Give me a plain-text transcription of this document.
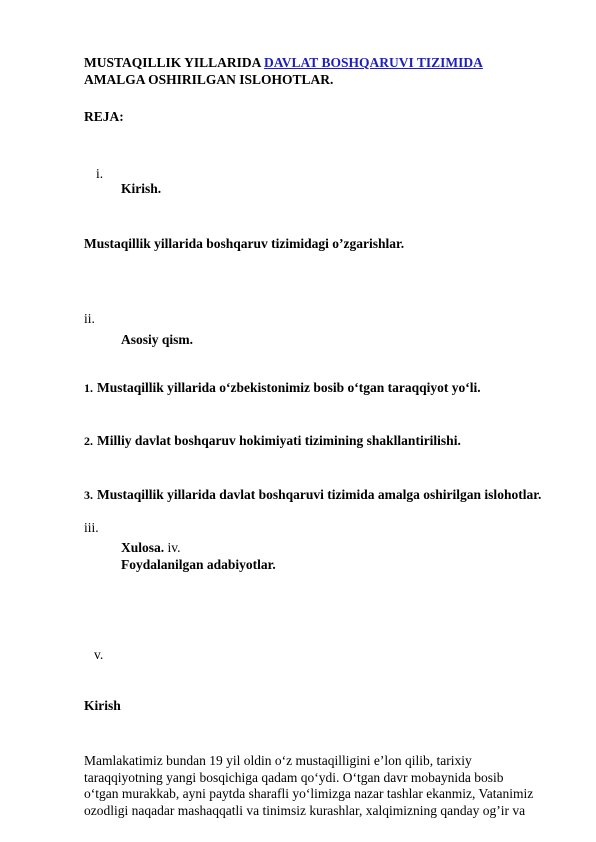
MUSTAQILLIK YILLARIDA DAVLAT BOSHQARUVI TIZIMIDA
AMALGA OSHIRILGAN ISLOHOTLAR.
REJA:
i.
Kirish.
Mustaqillik yillarida boshqaruv tizimidagi o’zgarishlar.
ii.
Asosiy qism.
1. Mustaqillik yillarida o‘zbekistonimiz bosib o‘tgan taraqqiyot yo‘li.
2. Milliy davlat boshqaruv hokimiyati tizimining shakllantirilishi.
3. Mustaqillik yillarida davlat boshqaruvi tizimida amalga oshirilgan islohotlar.
iii.
Xulosa. iv.
Foydalanilgan adabiyotlar.
v.
Kirish

Mamlakatimiz bundan 19 yil oldin o‘z mustaqilligini e’lon qilib, tarixiy

taraqqiyotning yangi bosqichiga qadam qo‘ydi. O‘tgan davr mobaynida bosib

o‘tgan murakkab, ayni paytda sharafli yo‘limizga nazar tashlar ekanmiz, Vatanimiz

ozodligi naqadar mashaqqatli va tinimsiz kurashlar, xalqimizning qanday og’ir va
